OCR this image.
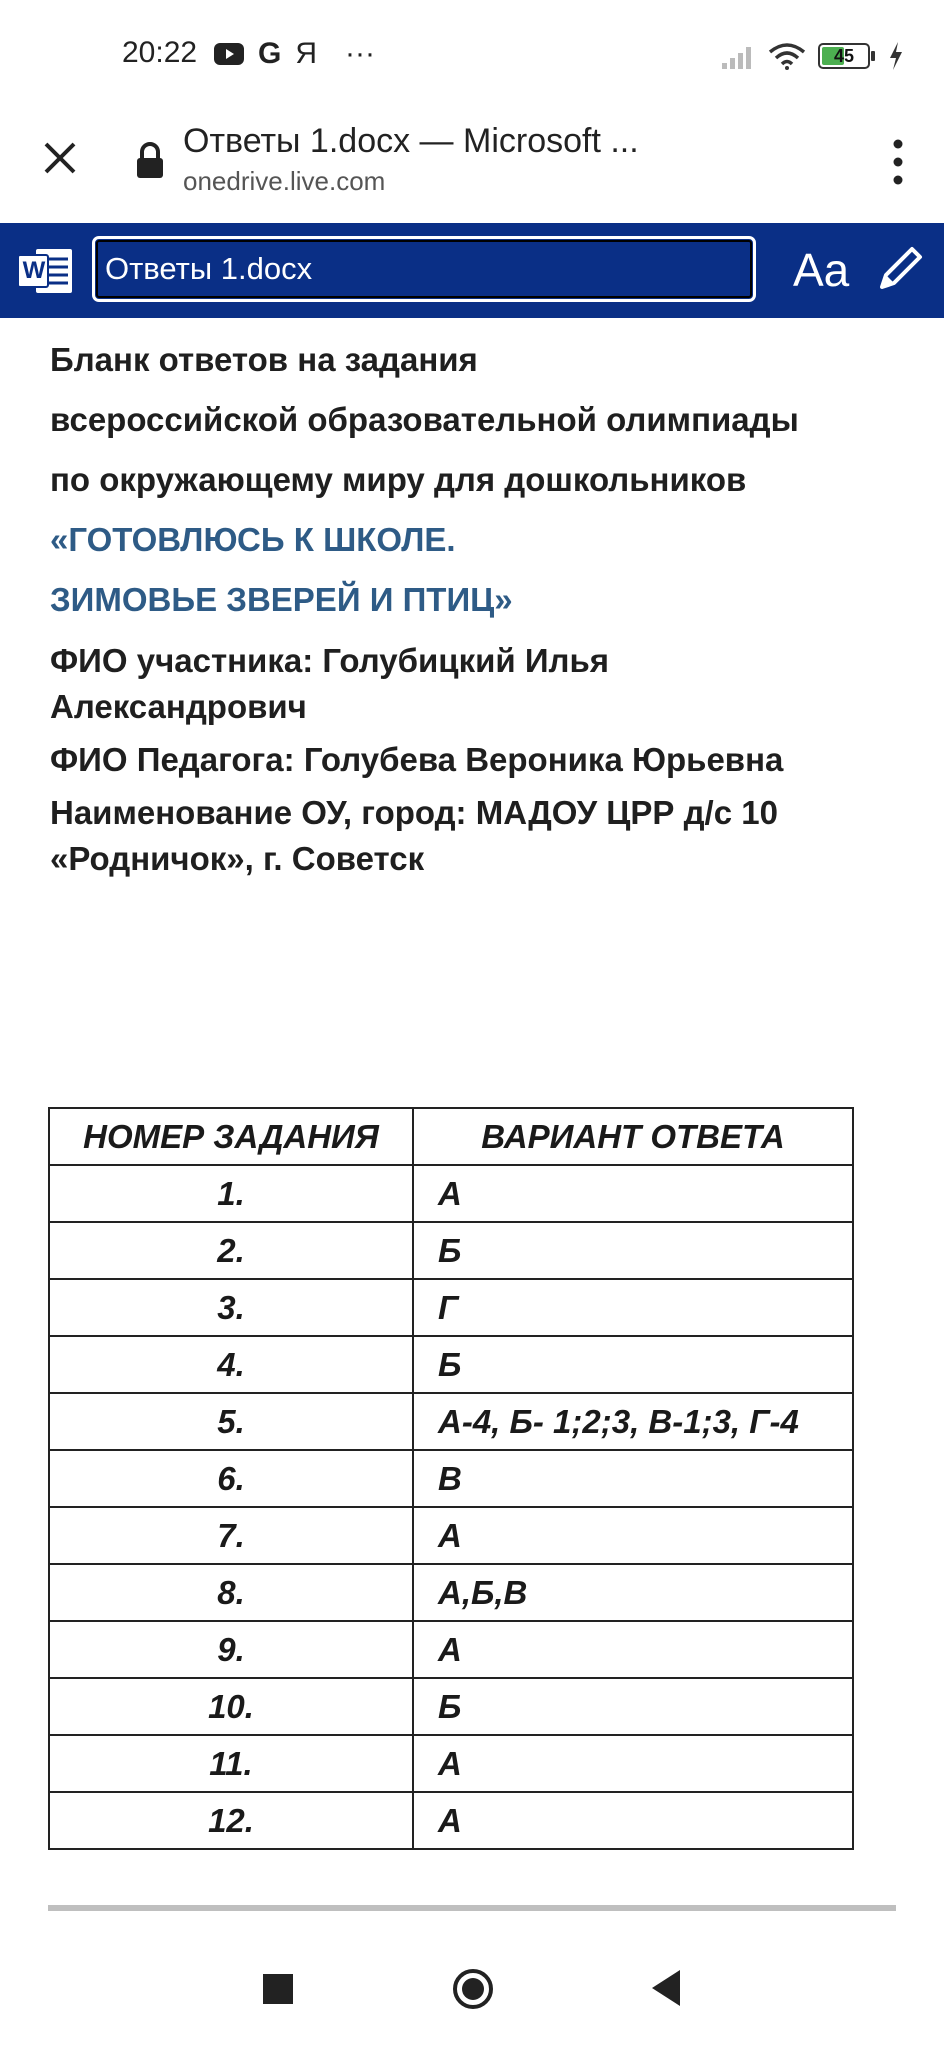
20:22 G Я ···	45
Ответы 1.docx — Microsoft ...
onedrive.live.com
W
Ответы 1.docx	Aa
Бланк ответов на задания
всероссийской образовательной олимпиады
по окружающему миру для дошкольников
«ГОТОВЛЮСЬ К ШКОЛЕ.
ЗИМОВЬЕ ЗВЕРЕЙ И ПТИЦ»
ФИО участника: Голубицкий Илья
Александрович
ФИО Педагога: Голубева Вероника Юрьевна
Наименование ОУ, город: МАДОУ ЦРР д/с 10
«Родничок», г. Советск
НОМЕР ЗАДАНИЯ	ВАРИАНТ ОТВЕТА
1.	А
2.	Б
3.	Г
4.	Б
5.	А-4, Б- 1;2;3, В-1;3, Г-4
6.	В
7.	А
8.	А,Б,В
9.	А
10.	Б
11.	А
12.	А
